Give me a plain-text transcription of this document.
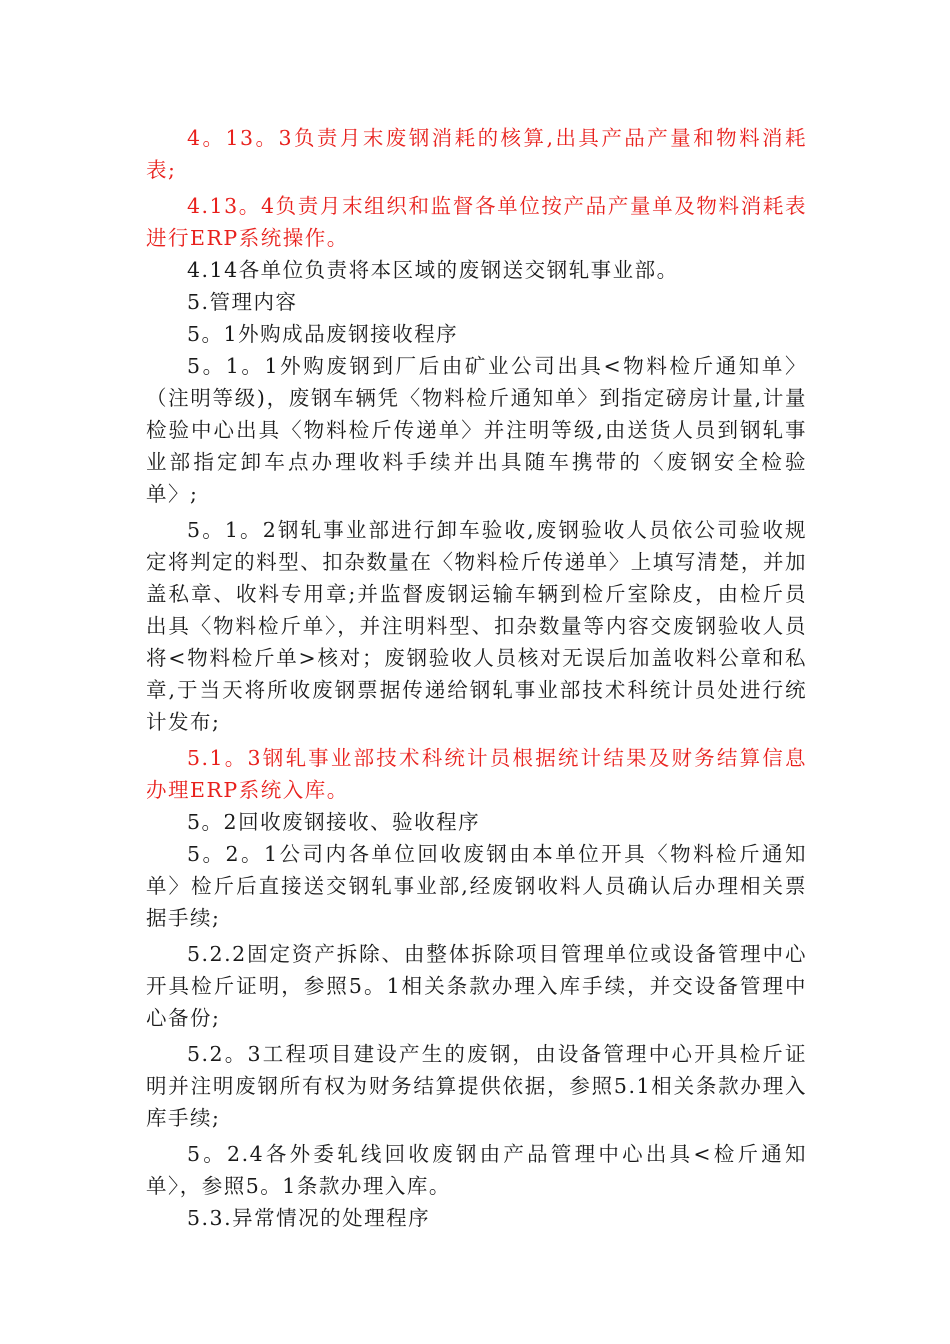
4。13。3负责月末废钢消耗的核算,出具产品产量和物料消耗表;

4.13。4负责月末组织和监督各单位按产品产量单及物料消耗表进行ERP系统操作。

4.14各单位负责将本区域的废钢送交钢轧事业部。

5.管理内容

5。1外购成品废钢接收程序

5。1。1外购废钢到厂后由矿业公司出具<物料检斤通知单〉（注明等级)，废钢车辆凭〈物料检斤通知单〉到指定磅房计量,计量检验中心出具〈物料检斤传递单〉并注明等级,由送货人员到钢轧事业部指定卸车点办理收料手续并出具随车携带的〈废钢安全检验单〉;

5。1。2钢轧事业部进行卸车验收,废钢验收人员依公司验收规定将判定的料型、扣杂数量在〈物料检斤传递单〉上填写清楚，并加盖私章、收料专用章;并监督废钢运输车辆到检斤室除皮，由检斤员出具〈物料检斤单〉，并注明料型、扣杂数量等内容交废钢验收人员将<物料检斤单>核对；废钢验收人员核对无误后加盖收料公章和私章,于当天将所收废钢票据传递给钢轧事业部技术科统计员处进行统计发布;

5.1。3钢轧事业部技术科统计员根据统计结果及财务结算信息办理ERP系统入库。

5。2回收废钢接收、验收程序

5。2。1公司内各单位回收废钢由本单位开具〈物料检斤通知单〉检斤后直接送交钢轧事业部,经废钢收料人员确认后办理相关票据手续;

5.2.2固定资产拆除、由整体拆除项目管理单位或设备管理中心开具检斤证明，参照5。1相关条款办理入库手续，并交设备管理中心备份;

5.2。3工程项目建设产生的废钢，由设备管理中心开具检斤证明并注明废钢所有权为财务结算提供依据，参照5.1相关条款办理入库手续;

5。2.4各外委轧线回收废钢由产品管理中心出具<检斤通知单〉，参照5。1条款办理入库。

5.3.异常情况的处理程序
